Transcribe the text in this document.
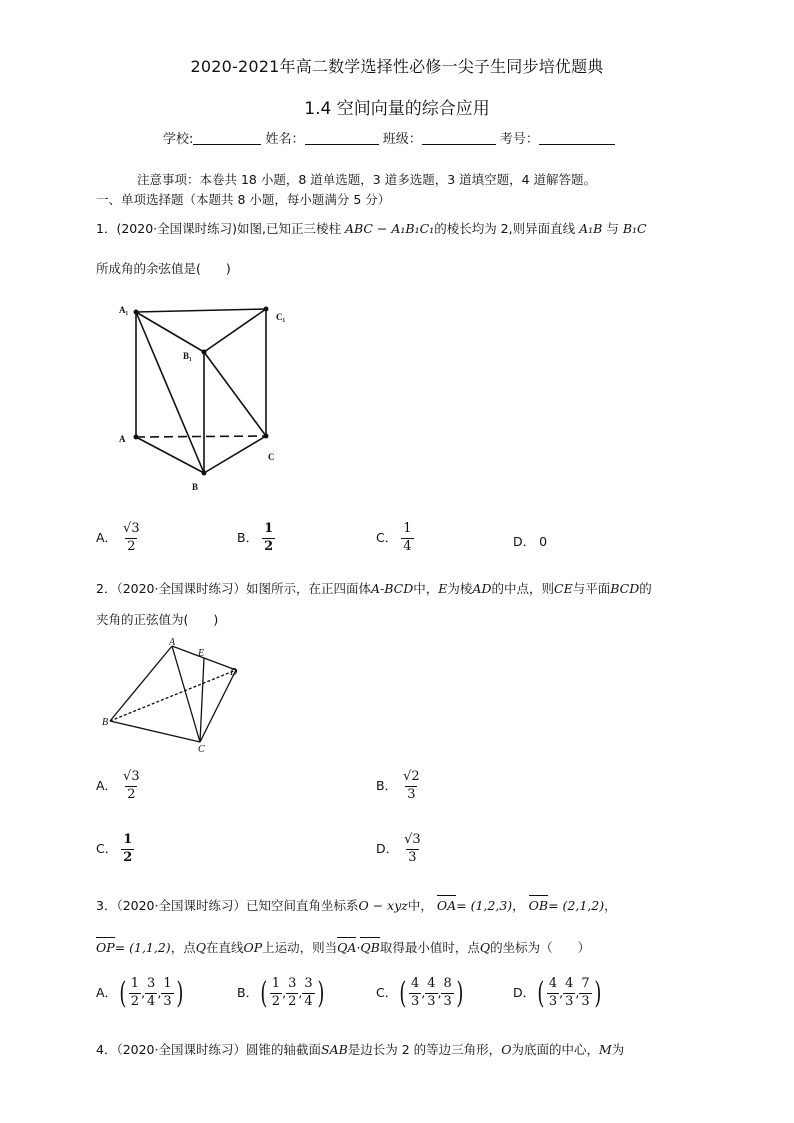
2020-2021年高二数学选择性必修一尖子生同步培优题典
1.4 空间向量的综合应用
学校:	姓名：	班级：	考号：
注意事项：本卷共 18 小题，8 道单选题，3 道多选题，3 道填空题，4 道解答题。
一、单项选择题（本题共 8 小题，每小题满分 5 分）
1．(2020·全国课时练习)如图,已知正三棱柱 ABC − A₁B₁C₁的棱长均为 2,则异面直线 A₁B 与 B₁C
所成角的余弦值是(　　)
A₁
C₁
B₁
A
B
C
A． $\frac{√3}{2}$	B． $\frac{1}{2}$	C． $\frac{1}{4}$	D． 0
2．（2020·全国课时练习）如图所示，在正四面体A-BCD中，E为棱AD的中点，则CE与平面BCD的
夹角的正弦值为(　　)
A
E
D
B
C
A． $\frac{√3}{2}$	B． $\frac{√2}{3}$
C． $\frac{1}{2}$	D． $\frac{√3}{3}$
3．（2020·全国课时练习）已知空间直角坐标系O − xyz中， OA= (1,2,3)， OB= (2,1,2)，
OP= (1,1,2)，点Q在直线OP上运动，则当QA·QB取得最小值时，点Q的坐标为（　　）
A．( $\frac{1}{2}$ , $\frac{3}{4}$ , $\frac{1}{3}$ )	B．( $\frac{1}{2}$ , $\frac{3}{2}$ , $\frac{3}{4}$ )	C．( $\frac{4}{3}$ , $\frac{4}{3}$ , $\frac{8}{3}$ )	D．( $\frac{4}{3}$ , $\frac{4}{3}$ , $\frac{7}{3}$ )
4．（2020·全国课时练习）圆锥的轴截面SAB是边长为 2 的等边三角形，O为底面的中心，M为
